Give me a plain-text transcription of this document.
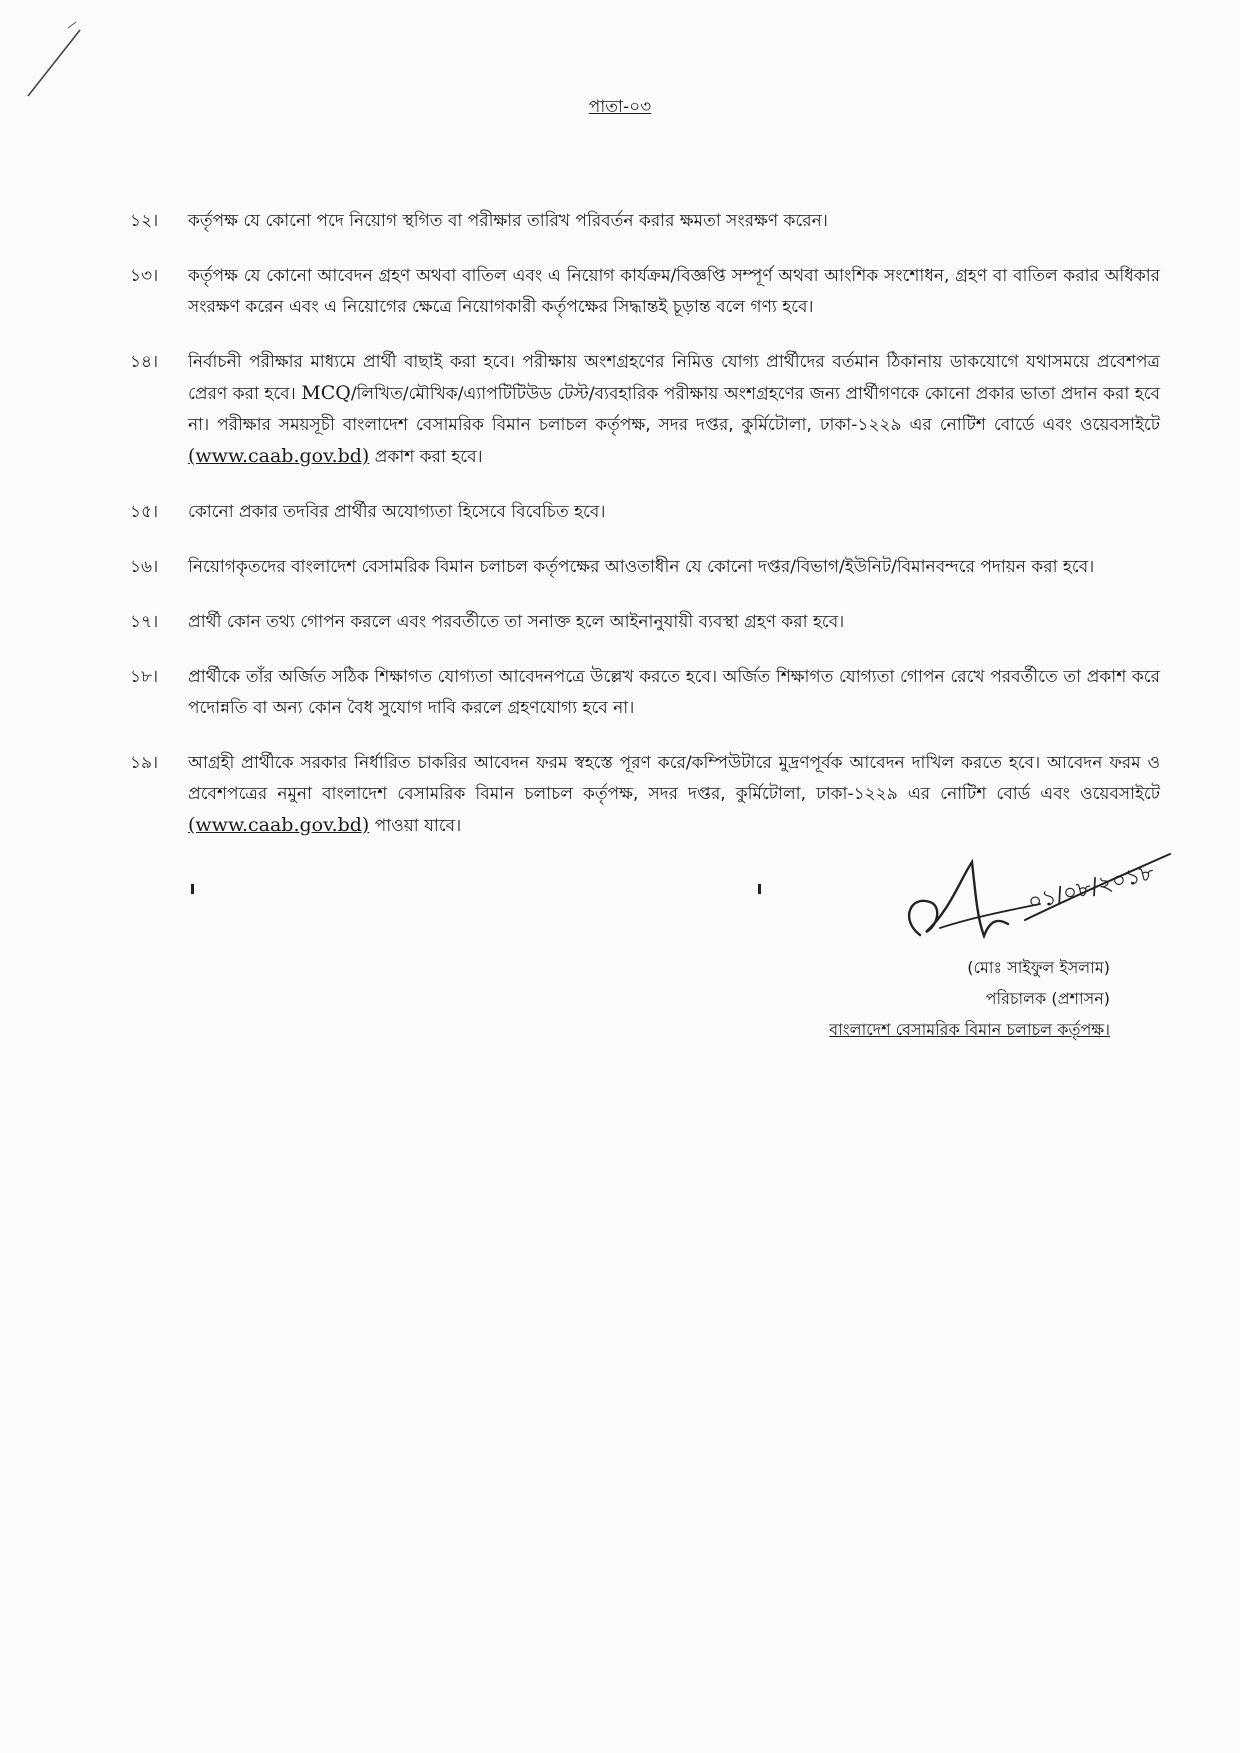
পাতা-০৩
১২।	কর্তৃপক্ষ যে কোনো পদে নিয়োগ স্থগিত বা পরীক্ষার তারিখ পরিবর্তন করার ক্ষমতা সংরক্ষণ করেন।
১৩।	কর্তৃপক্ষ যে কোনো আবেদন গ্রহণ অথবা বাতিল এবং এ নিয়োগ কার্যক্রম/বিজ্ঞপ্তি সম্পূর্ণ অথবা আংশিক সংশোধন, গ্রহণ বা বাতিল করার অধিকার সংরক্ষণ করেন এবং এ নিয়োগের ক্ষেত্রে নিয়োগকারী কর্তৃপক্ষের সিদ্ধান্তই চূড়ান্ত বলে গণ্য হবে।
১৪।	নির্বাচনী পরীক্ষার মাধ্যমে প্রার্থী বাছাই করা হবে। পরীক্ষায় অংশগ্রহণের নিমিত্ত যোগ্য প্রার্থীদের বর্তমান ঠিকানায় ডাকযোগে যথাসময়ে প্রবেশপত্র প্রেরণ করা হবে। MCQ/লিখিত/মৌখিক/এ্যাপটিটিউড টেস্ট/ব্যবহারিক পরীক্ষায় অংশগ্রহণের জন্য প্রার্থীগণকে কোনো প্রকার ভাতা প্রদান করা হবে না। পরীক্ষার সময়সূচী বাংলাদেশ বেসামরিক বিমান চলাচল কর্তৃপক্ষ, সদর দপ্তর, কুর্মিটোলা, ঢাকা-১২২৯ এর নোটিশ বোর্ডে এবং ওয়েবসাইটে (www.caab.gov.bd) প্রকাশ করা হবে।
১৫।	কোনো প্রকার তদবির প্রার্থীর অযোগ্যতা হিসেবে বিবেচিত হবে।
১৬।	নিয়োগকৃতদের বাংলাদেশ বেসামরিক বিমান চলাচল কর্তৃপক্ষের আওতাধীন যে কোনো দপ্তর/বিভাগ/ইউনিট/বিমানবন্দরে পদায়ন করা হবে।
১৭।	প্রার্থী কোন তথ্য গোপন করলে এবং পরবর্তীতে তা সনাক্ত হলে আইনানুযায়ী ব্যবস্থা গ্রহণ করা হবে।
১৮।	প্রার্থীকে তাঁর অর্জিত সঠিক শিক্ষাগত যোগ্যতা আবেদনপত্রে উল্লেখ করতে হবে। অর্জিত শিক্ষাগত যোগ্যতা গোপন রেখে পরবর্তীতে তা প্রকাশ করে পদোন্নতি বা অন্য কোন বৈধ সুযোগ দাবি করলে গ্রহণযোগ্য হবে না।
১৯।	আগ্রহী প্রার্থীকে সরকার নির্ধারিত চাকরির আবেদন ফরম স্বহস্তে পূরণ করে/কম্পিউটারে মুদ্রণপূর্বক আবেদন দাখিল করতে হবে। আবেদন ফরম ও প্রবেশপত্রের নমুনা বাংলাদেশ বেসামরিক বিমান চলাচল কর্তৃপক্ষ, সদর দপ্তর, কুর্মিটোলা, ঢাকা-১২২৯ এর নোটিশ বোর্ড এবং ওয়েবসাইটে (www.caab.gov.bd) পাওয়া যাবে।
০১/০৮/২০১৮
(মোঃ সাইফুল ইসলাম)
পরিচালক (প্রশাসন)
বাংলাদেশ বেসামরিক বিমান চলাচল কর্তৃপক্ষ।
